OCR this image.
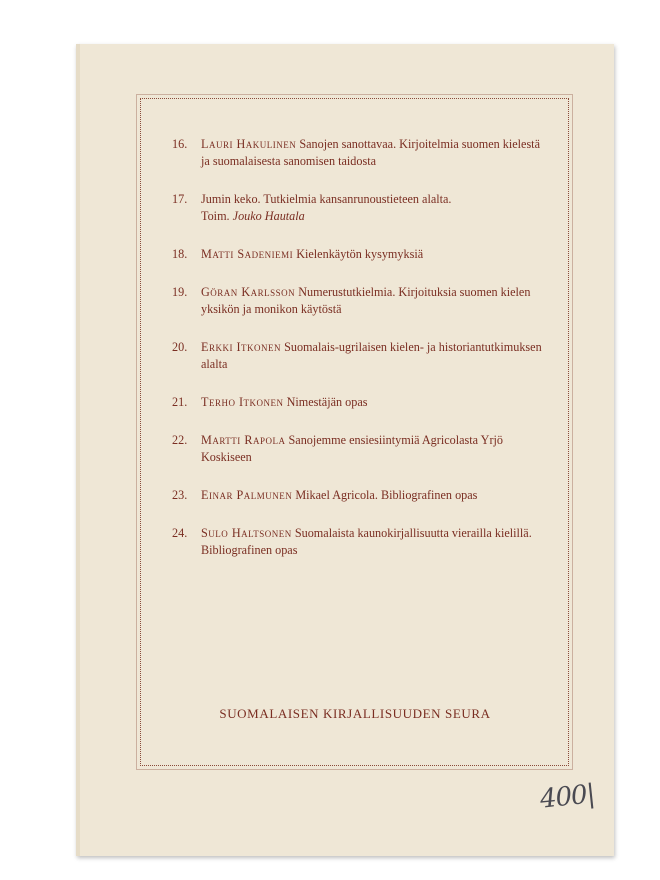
16. Lauri Hakulinen Sanojen sanottavaa. Kirjoitelmia suomen kielestä ja suomalaisesta sanomisen taidosta
17. Jumin keko. Tutkielmia kansanrunoustieteen alalta.
Toim. Jouko Hautala
18. Matti Sadeniemi Kielenkäytön kysymyksiä
19. Göran Karlsson Numerustutkielmia. Kirjoituksia suomen kielen yksikön ja monikon käytöstä
20. Erkki Itkonen Suomalais-ugrilaisen kielen- ja historiantutkimuksen alalta
21. Terho Itkonen Nimestäjän opas
22. Martti Rapola Sanojemme ensiesiintymiä Agricolasta Yrjö Koskiseen
23. Einar Palmunen Mikael Agricola. Bibliografinen opas
24. Sulo Haltsonen Suomalaista kaunokirjallisuutta vierailla kielillä. Bibliografinen opas
SUOMALAISEN KIRJALLISUUDEN SEURA
400|
